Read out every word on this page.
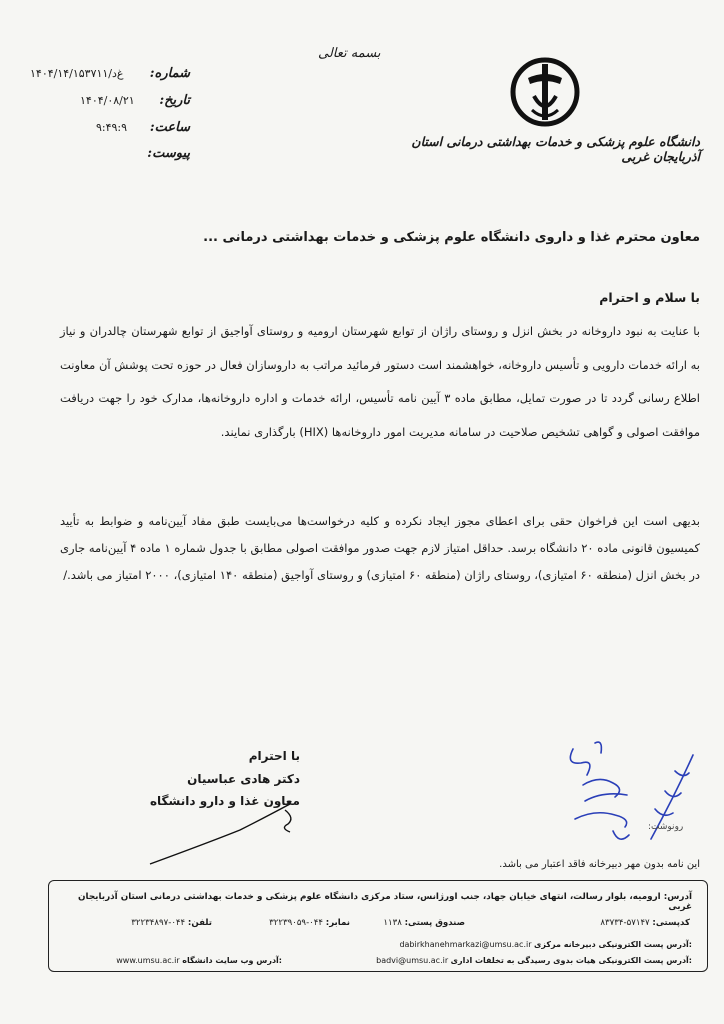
بسمه تعالی
دانشگاه علوم پزشکی و خدمات بهداشتی درمانی استان آذربایجان غربی
شماره:
۱۴۰۴/۱۴/۱۵۳۷۱۱/غ‌د
تاریخ:
۱۴۰۴/۰۸/۲۱
ساعت:
۹:۴۹:۹
پیوست:
معاون محترم غذا و داروی دانشگاه علوم پزشکی و خدمات بهداشتی درمانی ...
با سلام و احترام
با عنایت به نبود داروخانه در بخش انزل و روستای راژان از توابع شهرستان ارومیه و روستای آواجیق از توابع شهرستان چالدران و نیاز به ارائه خدمات دارویی و تأسیس داروخانه، خواهشمند است دستور فرمائید مراتب به داروسازان فعال در حوزه تحت پوشش آن معاونت اطلاع رسانی گردد تا در صورت تمایل، مطابق ماده ۳ آیین نامه تأسیس، ارائه خدمات و اداره داروخانه‌ها، مدارک خود را جهت دریافت موافقت اصولی و گواهی تشخیص صلاحیت در سامانه مدیریت امور داروخانه‌ها (HIX) بارگذاری نمایند.
بدیهی است این فراخوان حقی برای اعطای مجوز ایجاد نکرده و کلیه درخواست‌ها می‌بایست طبق مفاد آیین‌نامه و ضوابط به تأیید کمیسیون قانونی ماده ۲۰ دانشگاه برسد. حداقل امتیاز لازم جهت صدور موافقت اصولی مطابق با جدول شماره ۱ ماده ۴ آیین‌نامه جاری در بخش انزل (منطقه ۶۰ امتیازی)، روستای راژان (منطقه ۶۰ امتیازی) و روستای آواجیق (منطقه ۱۴۰ امتیازی)، ۲۰۰۰ امتیاز می باشد./
با احترام
دکتر هادی عباسیان
معاون غذا و دارو دانشگاه
رونوشت:
این نامه بدون مهر دبیرخانه فاقد اعتبار می باشد.
آدرس: ارومیه، بلوار رسالت، انتهای خیابان جهاد، جنب اورژانس، ستاد مرکزی دانشگاه علوم پزشکی و خدمات بهداشتی درمانی استان آذربایجان غربی
کدپستی: ۵۷۱۴۷-۸۳۷۳۴
صندوق پستی: ۱۱۳۸
نمابر: ۰۴۴-۳۲۲۳۹۰۵۹
تلفن: ۰۴۴-۳۲۲۳۴۸۹۷
dabirkhanehmarkazi@umsu.ac.ir آدرس پست الکترونیکی دبیرخانه مرکزی:
badvi@umsu.ac.ir آدرس پست الکترونیکی هیات بدوی رسیدگی به تخلفات اداری:
www.umsu.ac.ir آدرس وب سایت دانشگاه:
